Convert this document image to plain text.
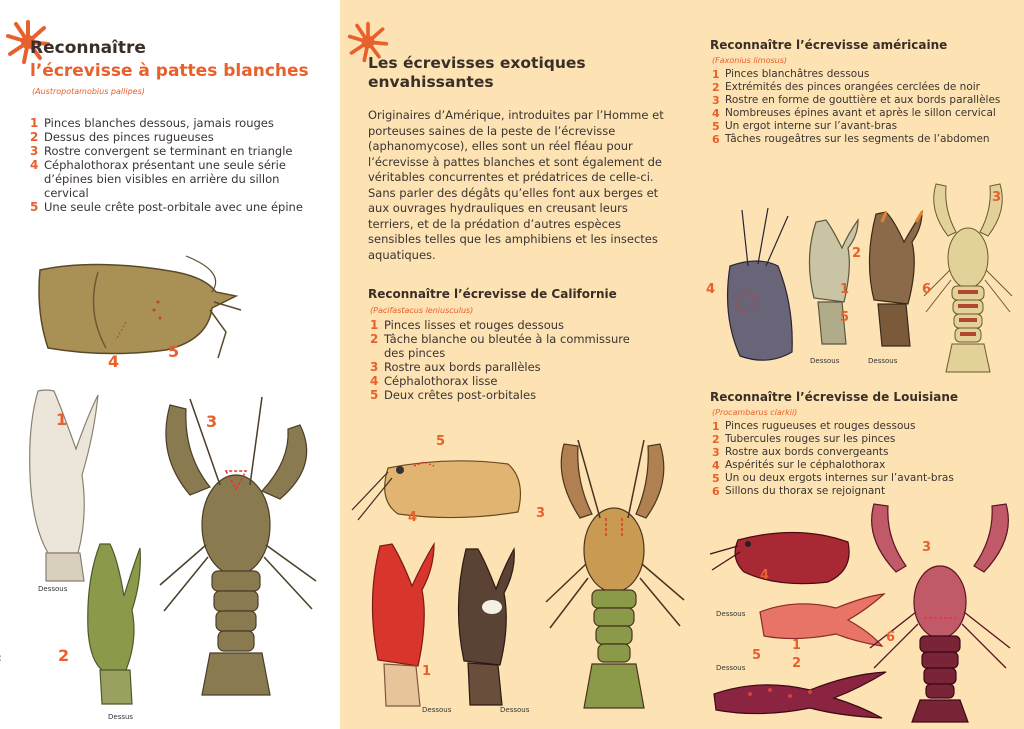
Reconnaître
l’écrevisse à pattes blanches
(Austropotamobius pallipes)
1 Pinces blanches dessous, jamais rouges
2 Dessus des pinces rugueuses
3 Rostre convergent se terminant en triangle
4 Céphalothorax présentant une seule série d’épines bien visibles en arrière du sillon cervical
5 Une seule crête post-orbitale avec une épine
4
5
1
Dessous
2
Dessus
3
Les écrevisses exotiques envahissantes
Originaires d’Amérique, introduites par l’Homme et porteuses saines de la peste de l’écrevisse (aphanomycose), elles sont un réel fléau pour l’écrevisse à pattes blanches et sont également de véritables concurrentes et prédatrices de celle-ci. Sans parler des dégâts qu’elles font aux berges et aux ouvrages hydrauliques en creusant leurs terriers, et de la prédation d’autres espèces sensibles telles que les amphibiens et les insectes aquatiques.
Reconnaître l’écrevisse de Californie
(Pacifastacus leniusculus)
1 Pinces lisses et rouges dessous
2 Tâche blanche ou bleutée à la commissure des pinces
3 Rostre aux bords parallèles
4 Céphalothorax lisse
5 Deux crêtes post-orbitales
5
4
1
Dessous	Dessous
3
Reconnaître l’écrevisse américaine
(Faxonius limosus)
1 Pinces blanchâtres dessous
2 Extrémités des pinces orangées cerclées de noir
3 Rostre en forme de gouttière et aux bords parallèles
4 Nombreuses épines avant et après le sillon cervical
5 Un ergot interne sur l’avant-bras
6 Tâches rougeâtres sur les segments de l’abdomen
4
Dessous
1
Dessous
2
5
3
6
Reconnaître l’écrevisse de Louisiane
(Procambarus clarkii)
1 Pinces rugueuses et rouges dessous
2 Tubercules rouges sur les pinces
3 Rostre aux bords convergeants
4 Aspérités sur le céphalothorax
5 Un ou deux ergots internes sur l’avant-bras
6 Sillons du thorax se rejoignant
4
Dessous
1
Dessous
5
2
3
6
